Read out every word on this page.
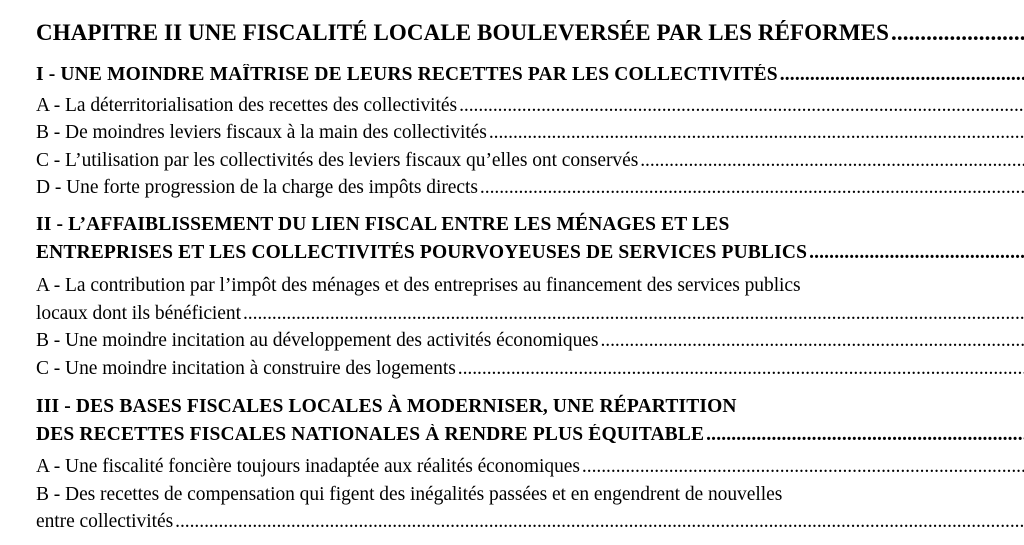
CHAPITRE II UNE FISCALITÉ LOCALE BOULEVERSÉE PAR LES RÉFORMES
.....
I - UNE MOINDRE MAÎTRISE DE LEURS RECETTES PAR LES COLLECTIVITÉS
.....
A - La déterritorialisation des recettes des collectivités
.....
B - De moindres leviers fiscaux à la main des collectivités
.....
C - L’utilisation par les collectivités des leviers fiscaux qu’elles ont conservés
.....
D - Une forte progression de la charge des impôts directs
.....
II - L’AFFAIBLISSEMENT DU LIEN FISCAL ENTRE LES MÉNAGES ET LES
ENTREPRISES ET LES COLLECTIVITÉS POURVOYEUSES DE SERVICES PUBLICS
.....
A - La contribution par l’impôt des ménages et des entreprises au financement des services publics
locaux dont ils bénéficient
.....
B - Une moindre incitation au développement des activités économiques
.....
C - Une moindre incitation à construire des logements
.....
III - DES BASES FISCALES LOCALES À MODERNISER, UNE RÉPARTITION
DES RECETTES FISCALES NATIONALES À RENDRE PLUS ÉQUITABLE
.....
A - Une fiscalité foncière toujours inadaptée aux réalités économiques
.....
B - Des recettes de compensation qui figent des inégalités passées et en engendrent de nouvelles
entre collectivités
.....
